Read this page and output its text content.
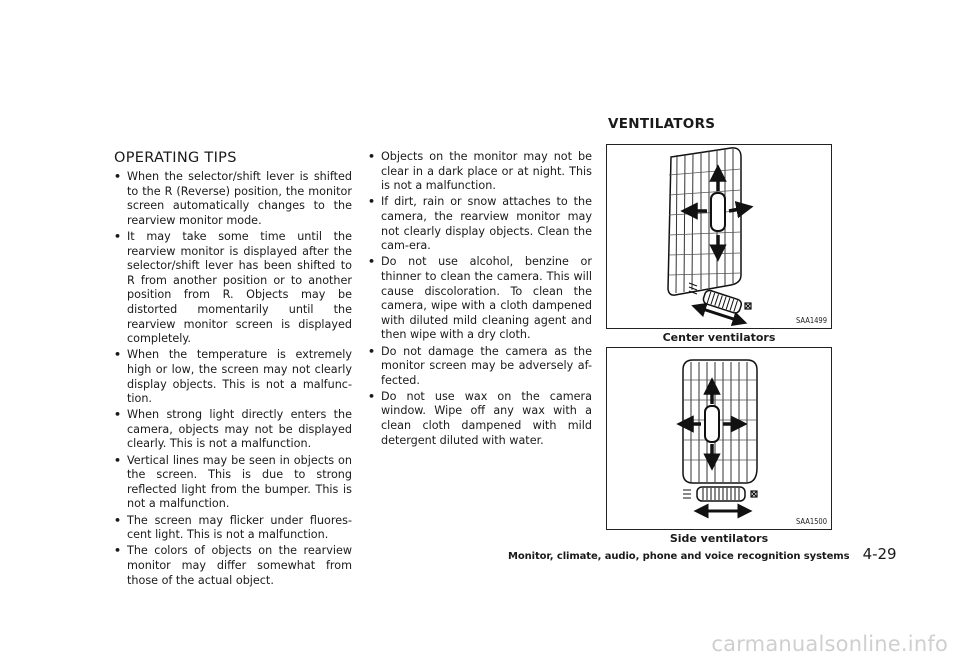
OPERATING TIPS
• When the selector/shift lever is shifted to the R (Reverse) position, the monitor screen automatically changes to the rearview monitor mode.
• It may take some time until the rearview monitor is displayed after the selector/shift lever has been shifted to R from another position or to another position from R. Objects may be distorted momentarily until the rearview monitor screen is displayed completely.
• When the temperature is extremely high or low, the screen may not clearly display objects. This is not a malfunc-tion.
• When strong light directly enters the camera, objects may not be displayed clearly. This is not a malfunction.
• Vertical lines may be seen in objects on the screen. This is due to strong reflected light from the bumper. This is not a malfunction.
• The screen may flicker under fluores-cent light. This is not a malfunction.
• The colors of objects on the rearview monitor may differ somewhat from those of the actual object.
• Objects on the monitor may not be clear in a dark place or at night. This is not a malfunction.
• If dirt, rain or snow attaches to the camera, the rearview monitor may not clearly display objects. Clean the cam-era.
• Do not use alcohol, benzine or thinner to clean the camera. This will cause discoloration. To clean the camera, wipe with a cloth dampened with diluted mild cleaning agent and then wipe with a dry cloth.
• Do not damage the camera as the monitor screen may be adversely af-fected.
• Do not use wax on the camera window. Wipe off any wax with a clean cloth dampened with mild detergent diluted with water.
VENTILATORS
SAA1499
Center ventilators
SAA1500
Side ventilators
Monitor, climate, audio, phone and voice recognition systems 4-29
carmanualsonline.info
